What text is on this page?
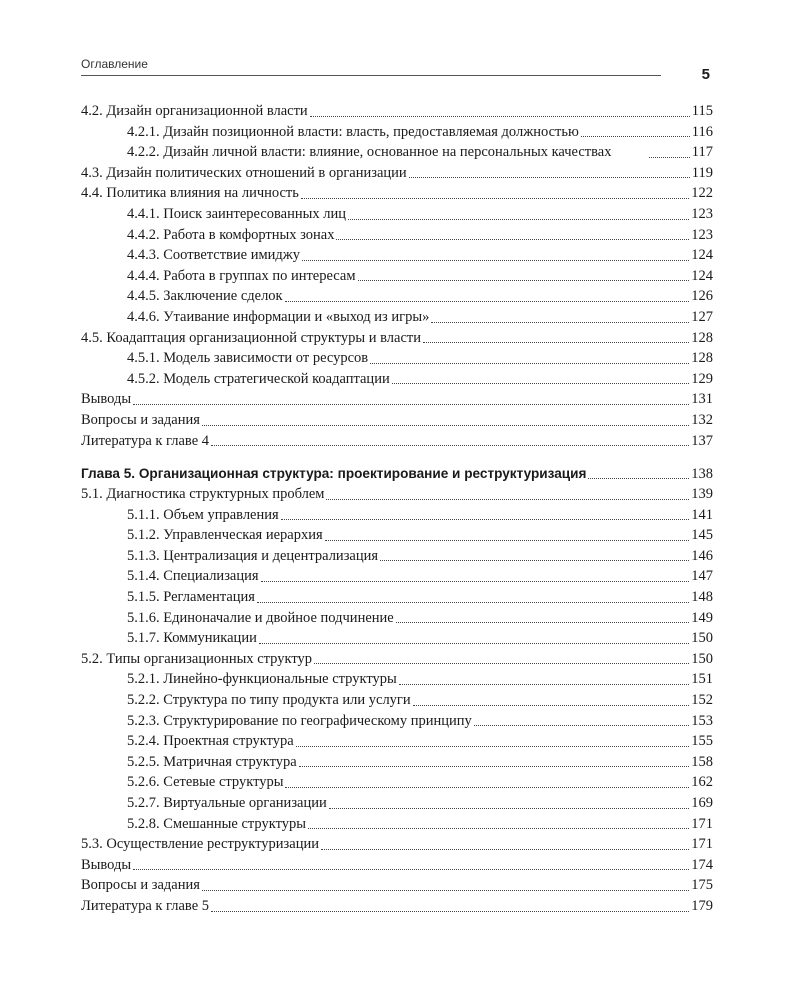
Оглавление
5
4.2. Дизайн организационной власти	115
4.2.1. Дизайн позиционной власти: власть, предоставляемая должностью	116
4.2.2. Дизайн личной власти: влияние, основанное на персональных качествах	117
4.3. Дизайн политических отношений в организации	119
4.4. Политика влияния на личность	122
4.4.1. Поиск заинтересованных лиц	123
4.4.2. Работа в комфортных зонах	123
4.4.3. Соответствие имиджу	124
4.4.4. Работа в группах по интересам	124
4.4.5. Заключение сделок	126
4.4.6. Утаивание информации и «выход из игры»	127
4.5. Коадаптация организационной структуры и власти	128
4.5.1. Модель зависимости от ресурсов	128
4.5.2. Модель стратегической коадаптации	129
Выводы	131
Вопросы и задания	132
Литература к главе 4	137
Глава 5. Организационная структура: проектирование и реструктуризация	138
5.1. Диагностика структурных проблем	139
5.1.1. Объем управления	141
5.1.2. Управленческая иерархия	145
5.1.3. Централизация и децентрализация	146
5.1.4. Специализация	147
5.1.5. Регламентация	148
5.1.6. Единоначалие и двойное подчинение	149
5.1.7. Коммуникации	150
5.2. Типы организационных структур	150
5.2.1. Линейно-функциональные структуры	151
5.2.2. Структура по типу продукта или услуги	152
5.2.3. Структурирование по географическому принципу	153
5.2.4. Проектная структура	155
5.2.5. Матричная структура	158
5.2.6. Сетевые структуры	162
5.2.7. Виртуальные организации	169
5.2.8. Смешанные структуры	171
5.3. Осуществление реструктуризации	171
Выводы	174
Вопросы и задания	175
Литература к главе 5	179
